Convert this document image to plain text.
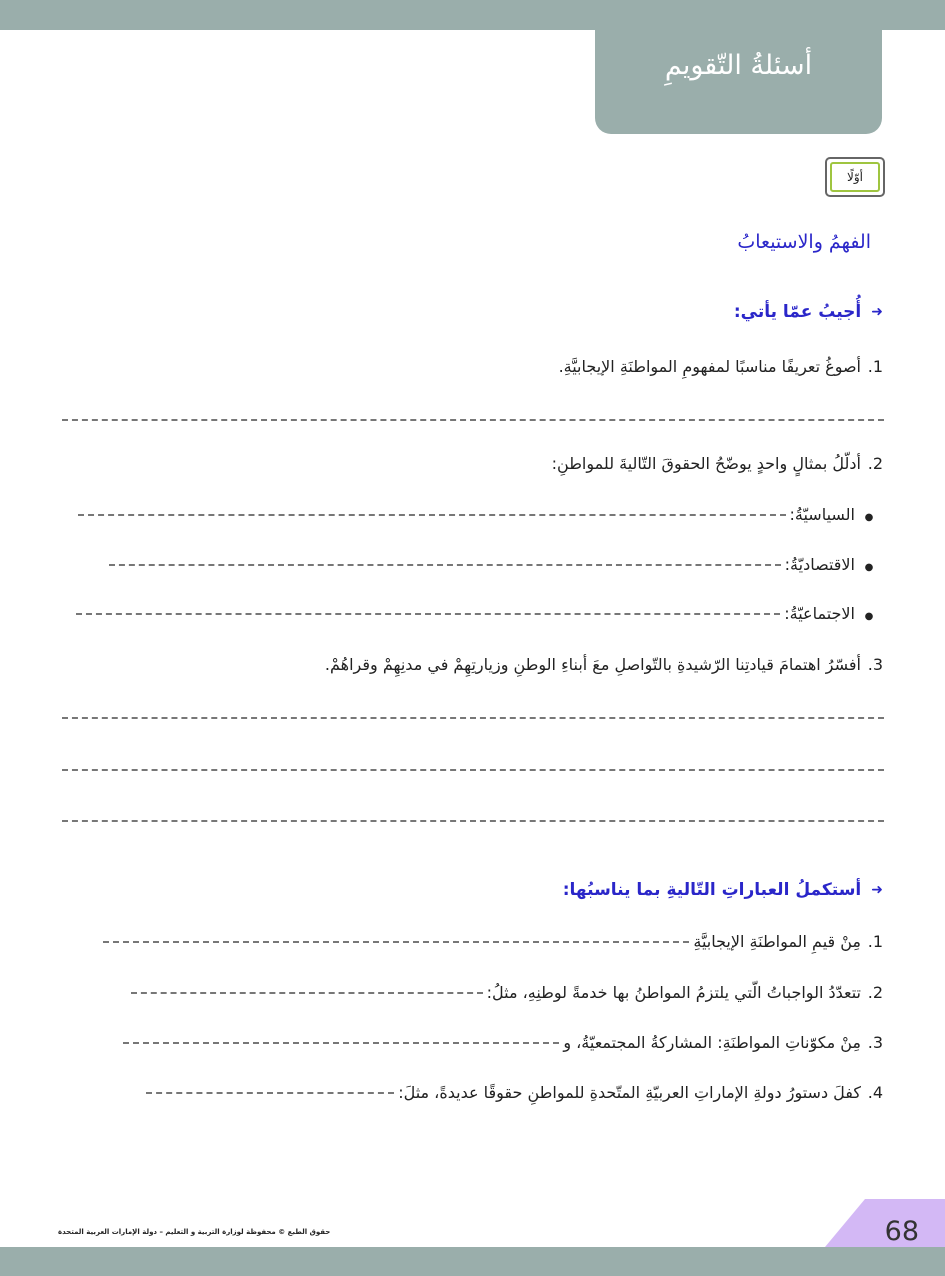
أسئلةُ التّقويمِ
أوّلًا
الفهمُ والاستيعابُ
➜
أُجيبُ عمّا يأتي:
1.
أصوغُ تعريفًا مناسبًا لمفهومِ المواطنَةِ الإيجابيَّةِ.
2.
أدلّلُ بمثالٍ واحدٍ يوضّحُ الحقوقَ التّاليةَ للمواطنِ:
●
السياسيّةُ:
●
الاقتصاديّةُ:
●
الاجتماعيّةُ:
3.
أفسّرُ اهتمامَ قيادتِنا الرّشيدةِ بالتّواصلِ معَ أبناءِ الوطنِ وزيارتِهِمْ في مدنِهِمْ وقراهُمْ.
➜
أستكملُ العباراتِ التّاليةِ بما يناسبُها:
1.
مِنْ قيمِ المواطنَةِ الإيجابيَّةِ
2.
تتعدّدُ الواجباتُ الّتي يلتزمُ المواطنُ بها خدمةً لوطنِهِ، مثلُ:
3.
مِنْ مكوّناتِ المواطنَةِ: المشاركةُ المجتمعيّةُ، و
4.
كفلَ دستورُ دولةِ الإماراتِ العربيّةِ المتّحدةِ للمواطنِ حقوقًا عديدةً، مثلَ:
حقوق الطبع © محفوظة لوزارة التربية و التعليم – دولة الإمارات العربية المتحدة	68
